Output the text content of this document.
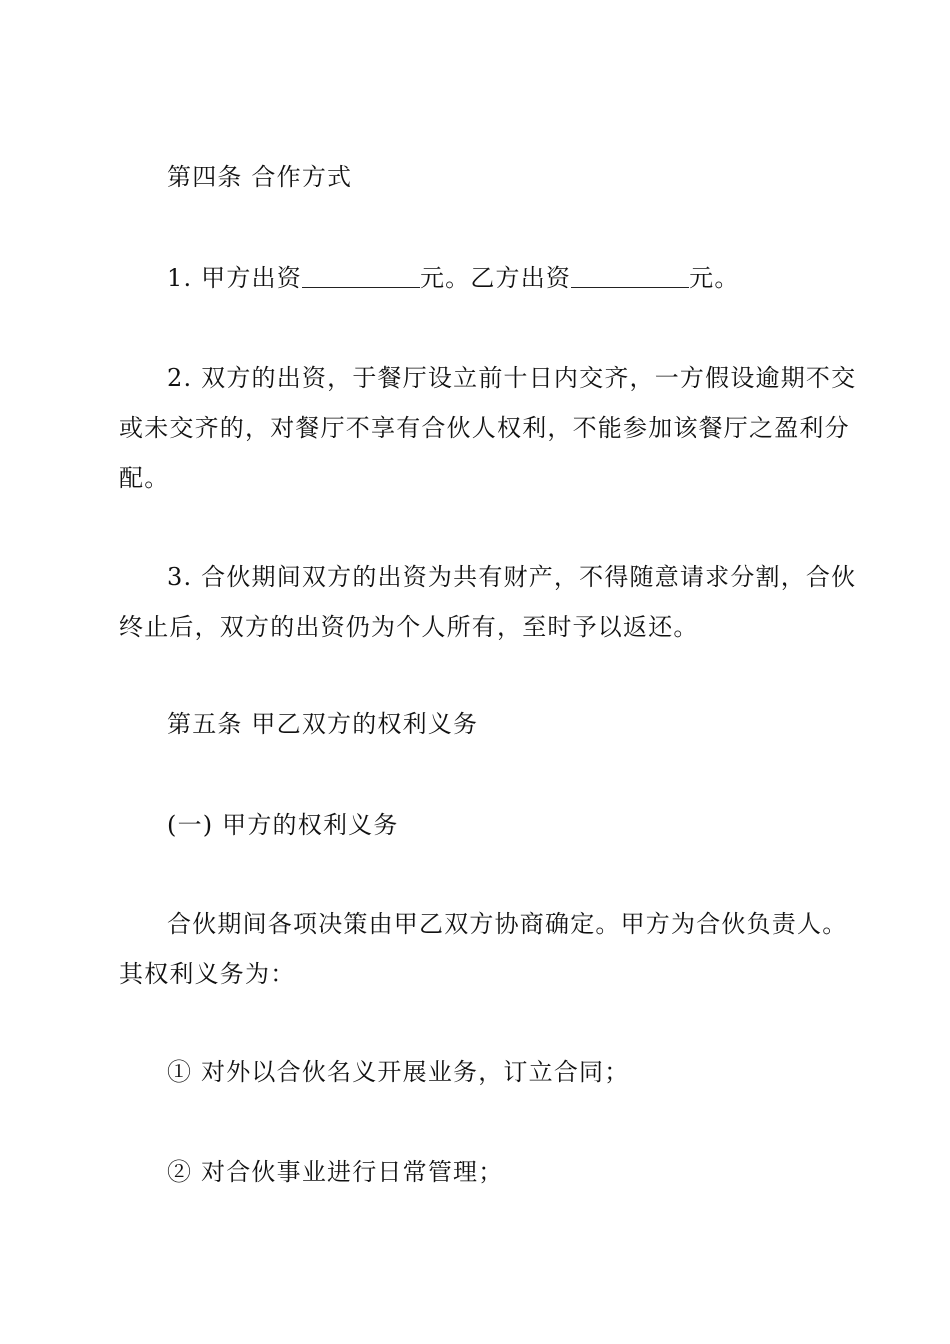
第四条 合作方式
1. 甲方出资	元。乙方出资	元。
2. 双方的出资，于餐厅设立前十日内交齐，一方假设逾期不交
或未交齐的，对餐厅不享有合伙人权利，不能参加该餐厅之盈利分
配。
3. 合伙期间双方的出资为共有财产，不得随意请求分割，合伙
终止后，双方的出资仍为个人所有，至时予以返还。
第五条 甲乙双方的权利义务
(一) 甲方的权利义务
合伙期间各项决策由甲乙双方协商确定。甲方为合伙负责人。
其权利义务为：
① 对外以合伙名义开展业务，订立合同；
② 对合伙事业进行日常管理；
